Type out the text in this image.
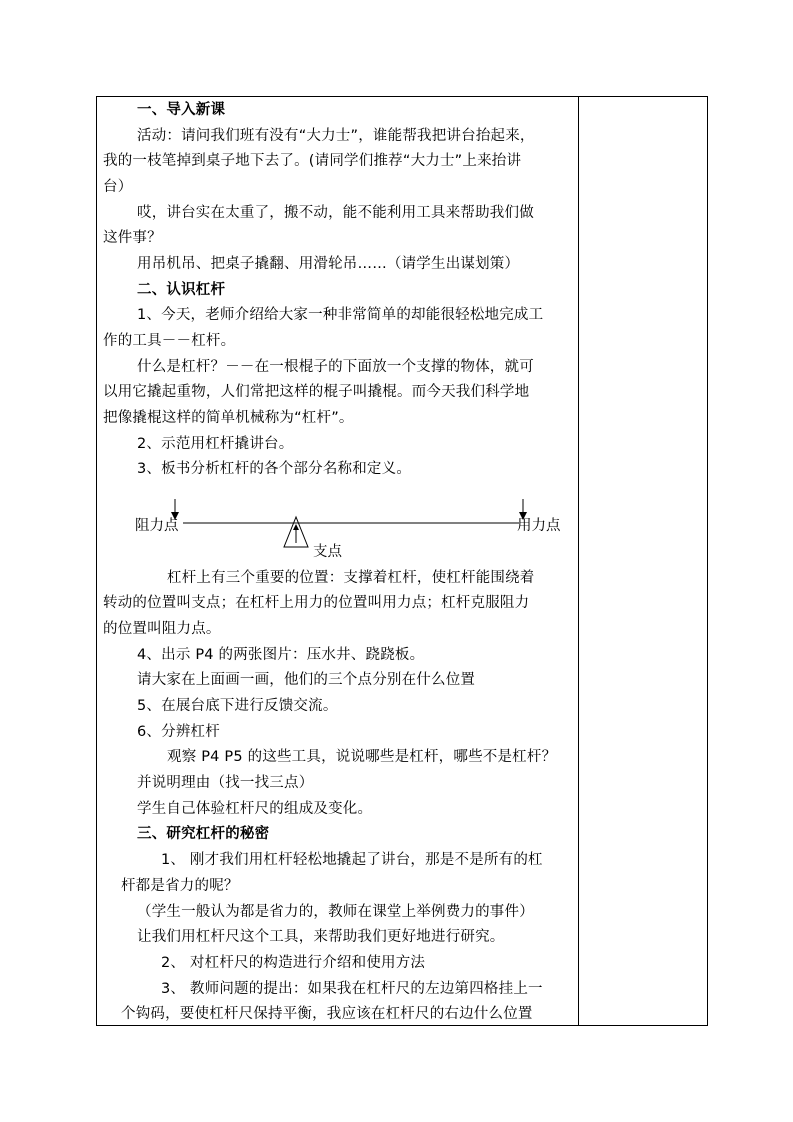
一、导入新课
活动：请问我们班有没有“大力士”，谁能帮我把讲台抬起来，
我的一枝笔掉到桌子地下去了。(请同学们推荐“大力士”上来抬讲
台）
哎，讲台实在太重了，搬不动，能不能利用工具来帮助我们做
这件事？
用吊机吊、把桌子撬翻、用滑轮吊……（请学生出谋划策）
二、认识杠杆
1、今天，老师介绍给大家一种非常简单的却能很轻松地完成工
作的工具－－杠杆。
什么是杠杆？－－在一根棍子的下面放一个支撑的物体，就可
以用它撬起重物，人们常把这样的棍子叫撬棍。而今天我们科学地
把像撬棍这样的简单机械称为“杠杆”。
2、示范用杠杆撬讲台。
3、板书分析杠杆的各个部分名称和定义。
阻力点	用力点
支点
杠杆上有三个重要的位置：支撑着杠杆，使杠杆能围绕着
转动的位置叫支点；在杠杆上用力的位置叫用力点；杠杆克服阻力
的位置叫阻力点。
4、出示 P4 的两张图片：压水井、跷跷板。
请大家在上面画一画，他们的三个点分别在什么位置
5、在展台底下进行反馈交流。
6、分辨杠杆
观察 P4 P5 的这些工具，说说哪些是杠杆，哪些不是杠杆？
并说明理由（找一找三点）
学生自己体验杠杆尺的组成及变化。
三、研究杠杆的秘密
1、 刚才我们用杠杆轻松地撬起了讲台，那是不是所有的杠
杆都是省力的呢？
（学生一般认为都是省力的，教师在课堂上举例费力的事件）
让我们用杠杆尺这个工具，来帮助我们更好地进行研究。
2、 对杠杆尺的构造进行介绍和使用方法
3、 教师问题的提出：如果我在杠杆尺的左边第四格挂上一
个钩码，要使杠杆尺保持平衡，我应该在杠杆尺的右边什么位置
